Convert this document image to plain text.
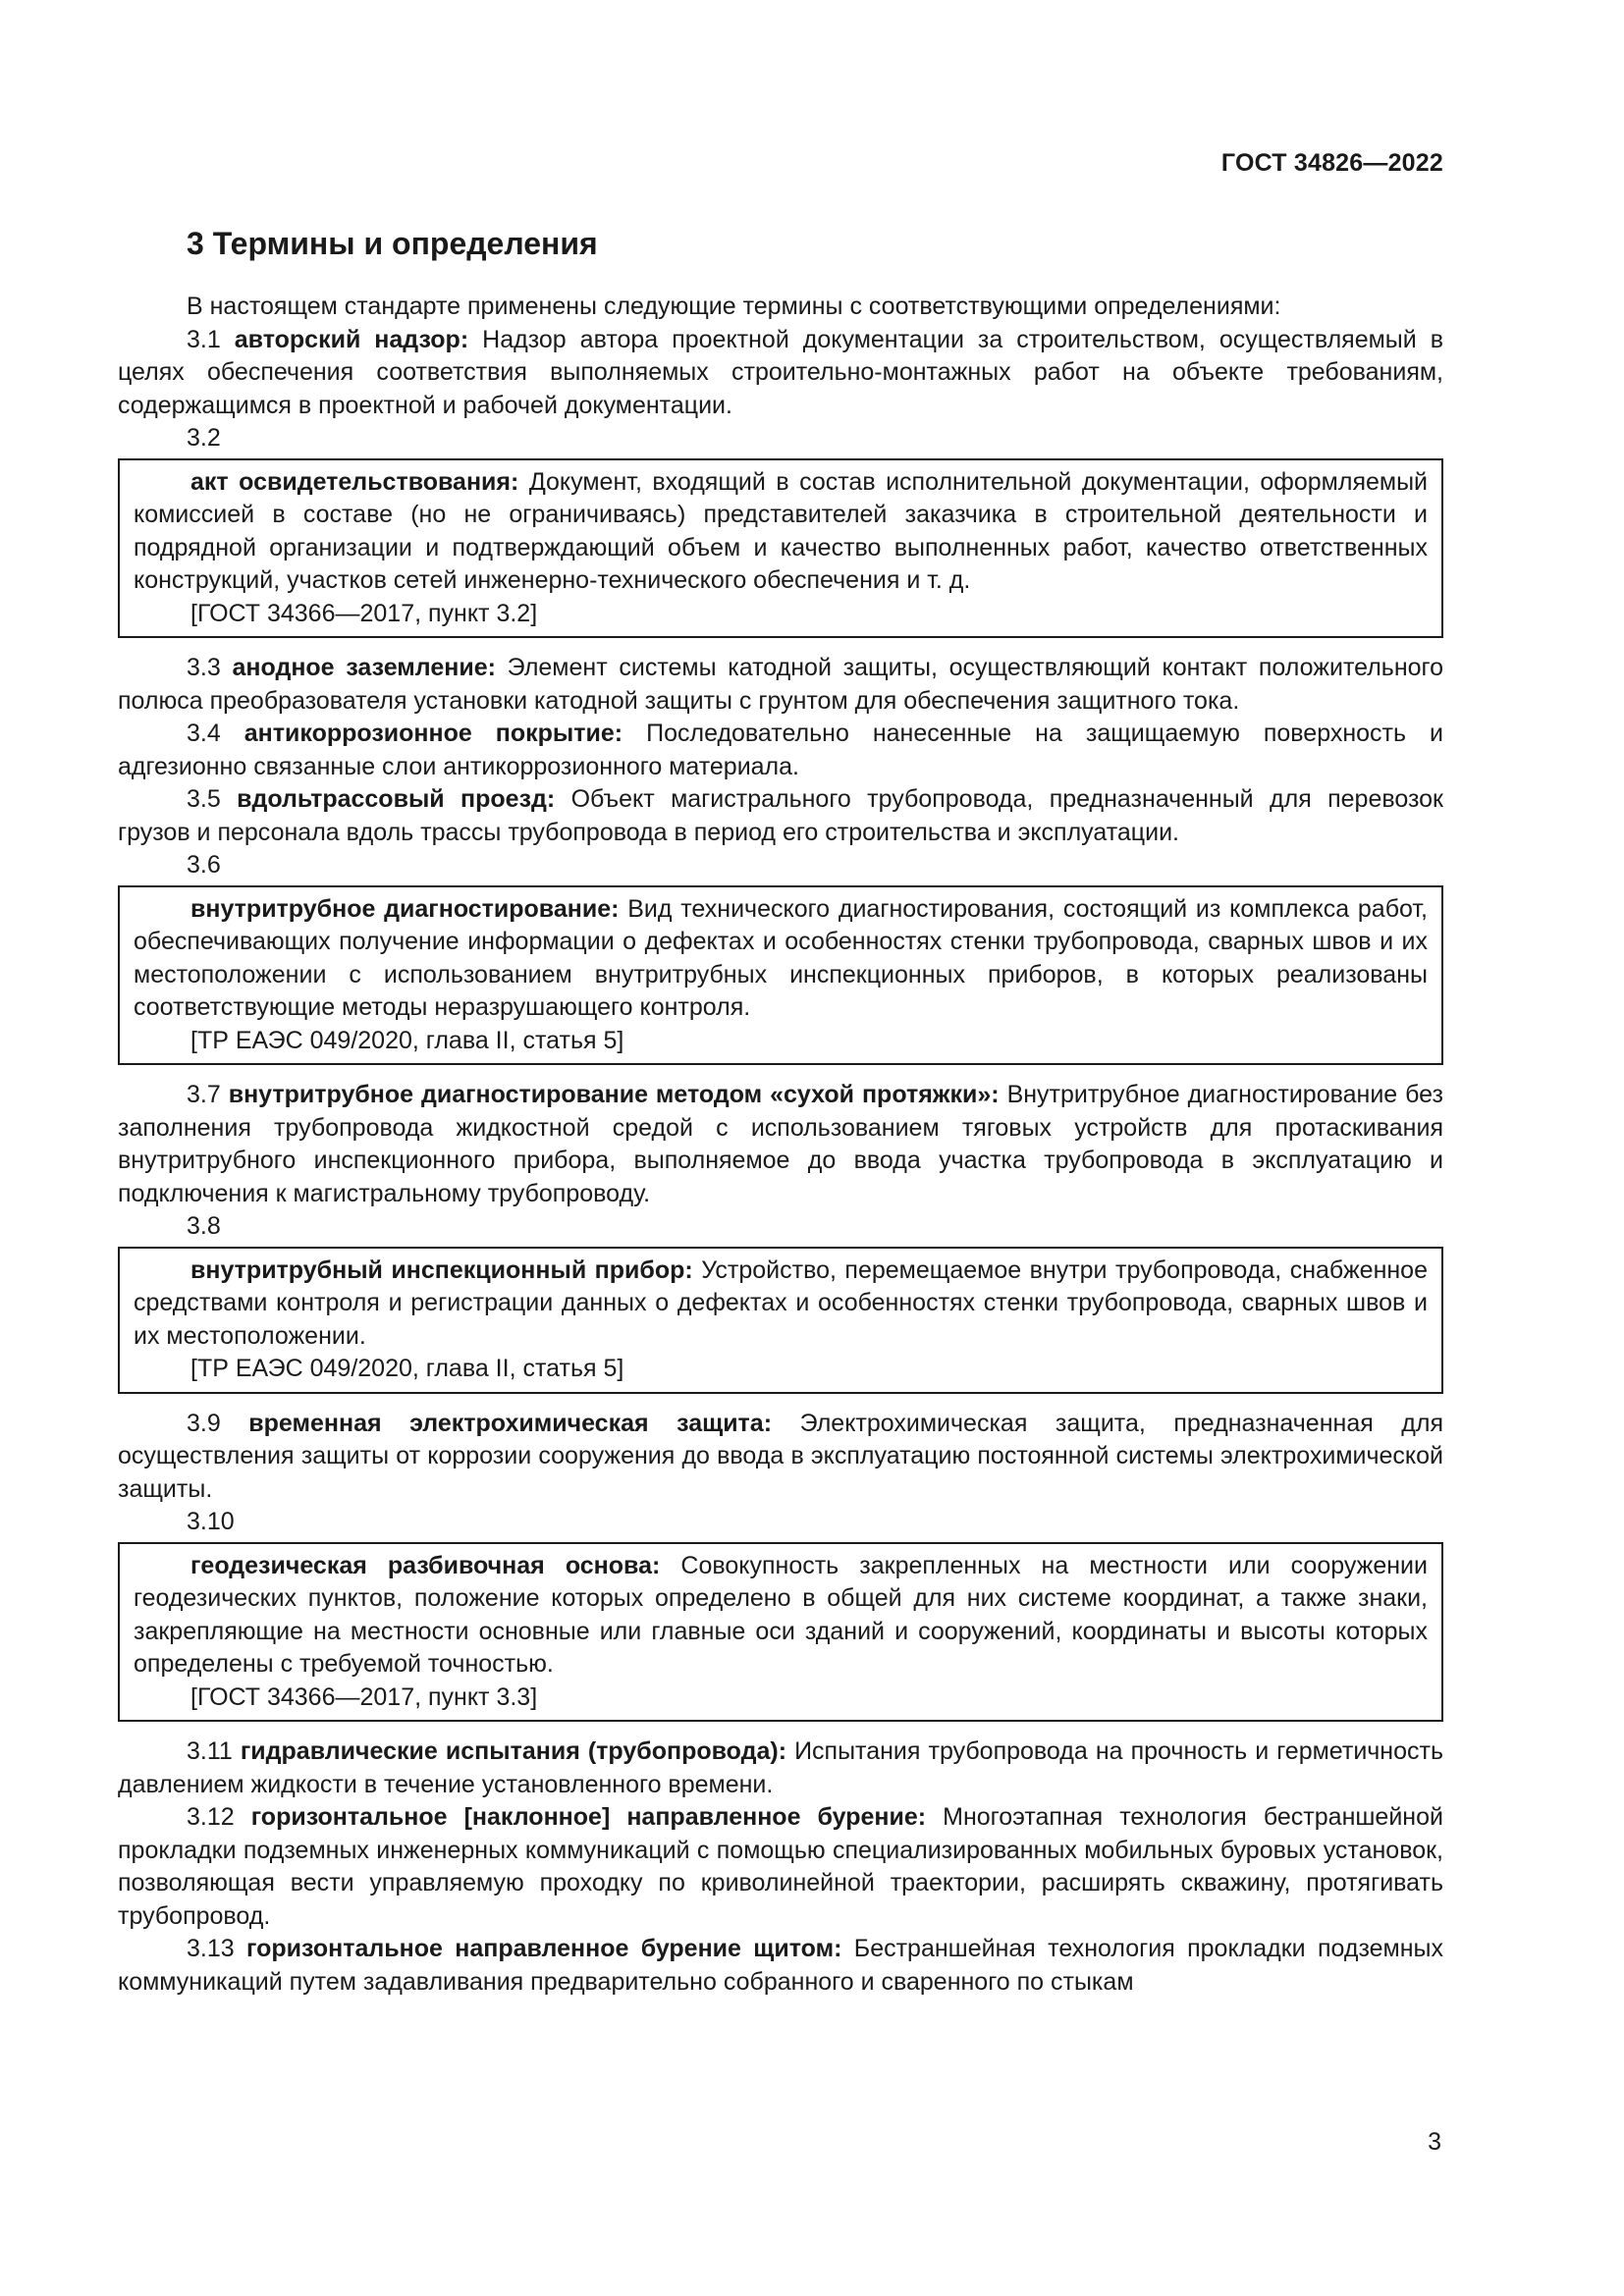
ГОСТ 34826—2022
3 Термины и определения

В настоящем стандарте применены следующие термины с соответствующими определениями:

3.1 авторский надзор: Надзор автора проектной документации за строительством, осуществляемый в целях обеспечения соответствия выполняемых строительно-монтажных работ на объекте требованиям, содержащимся в проектной и рабочей документации.

3.2

акт освидетельствования: Документ, входящий в состав исполнительной документации, оформляемый комиссией в составе (но не ограничиваясь) представителей заказчика в строительной деятельности и подрядной организации и подтверждающий объем и качество выполненных работ, качество ответственных конструкций, участков сетей инженерно-технического обеспечения и т. д.

[ГОСТ 34366—2017, пункт 3.2]

3.3 анодное заземление: Элемент системы катодной защиты, осуществляющий контакт положительного полюса преобразователя установки катодной защиты с грунтом для обеспечения защитного тока.

3.4 антикоррозионное покрытие: Последовательно нанесенные на защищаемую поверхность и адгезионно связанные слои антикоррозионного материала.

3.5 вдольтрассовый проезд: Объект магистрального трубопровода, предназначенный для перевозок грузов и персонала вдоль трассы трубопровода в период его строительства и эксплуатации.

3.6

внутритрубное диагностирование: Вид технического диагностирования, состоящий из комплекса работ, обеспечивающих получение информации о дефектах и особенностях стенки трубопровода, сварных швов и их местоположении с использованием внутритрубных инспекционных приборов, в которых реализованы соответствующие методы неразрушающего контроля.

[ТР ЕАЭС 049/2020, глава II, статья 5]

3.7 внутритрубное диагностирование методом «сухой протяжки»: Внутритрубное диагностирование без заполнения трубопровода жидкостной средой с использованием тяговых устройств для протаскивания внутритрубного инспекционного прибора, выполняемое до ввода участка трубопровода в эксплуатацию и подключения к магистральному трубопроводу.

3.8

внутритрубный инспекционный прибор: Устройство, перемещаемое внутри трубопровода, снабженное средствами контроля и регистрации данных о дефектах и особенностях стенки трубопровода, сварных швов и их местоположении.

[ТР ЕАЭС 049/2020, глава II, статья 5]

3.9 временная электрохимическая защита: Электрохимическая защита, предназначенная для осуществления защиты от коррозии сооружения до ввода в эксплуатацию постоянной системы электрохимической защиты.

3.10

геодезическая разбивочная основа: Совокупность закрепленных на местности или сооружении геодезических пунктов, положение которых определено в общей для них системе координат, а также знаки, закрепляющие на местности основные или главные оси зданий и сооружений, координаты и высоты которых определены с требуемой точностью.

[ГОСТ 34366—2017, пункт 3.3]

3.11 гидравлические испытания (трубопровода): Испытания трубопровода на прочность и герметичность давлением жидкости в течение установленного времени.

3.12 горизонтальное [наклонное] направленное бурение: Многоэтапная технология бестраншейной прокладки подземных инженерных коммуникаций с помощью специализированных мобильных буровых установок, позволяющая вести управляемую проходку по криволинейной траектории, расширять скважину, протягивать трубопровод.

3.13 горизонтальное направленное бурение щитом: Бестраншейная технология прокладки подземных коммуникаций путем задавливания предварительно собранного и сваренного по стыкам

3
